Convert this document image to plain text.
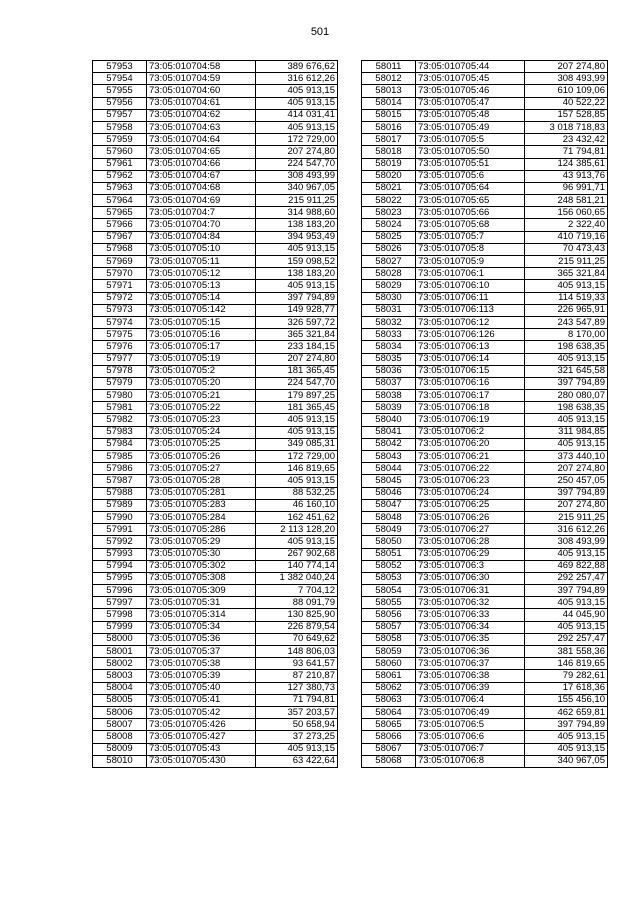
501
57953	73:05:010704:58	389 676,62
57954	73:05:010704:59	316 612,26
57955	73:05:010704:60	405 913,15
57956	73:05:010704:61	405 913,15
57957	73:05:010704:62	414 031,41
57958	73:05:010704:63	405 913,15
57959	73:05:010704:64	172 729,00
57960	73:05:010704:65	207 274,80
57961	73:05:010704:66	224 547,70
57962	73:05:010704:67	308 493,99
57963	73:05:010704:68	340 967,05
57964	73:05:010704:69	215 911,25
57965	73:05:010704:7	314 988,60
57966	73:05:010704:70	138 183,20
57967	73:05:010704:84	394 953,49
57968	73:05:010705:10	405 913,15
57969	73:05:010705:11	159 098,52
57970	73:05:010705:12	138 183,20
57971	73:05:010705:13	405 913,15
57972	73:05:010705:14	397 794,89
57973	73:05:010705:142	149 928,77
57974	73:05:010705:15	326 597,72
57975	73:05:010705:16	365 321,84
57976	73:05:010705:17	233 184,15
57977	73:05:010705:19	207 274,80
57978	73:05:010705:2	181 365,45
57979	73:05:010705:20	224 547,70
57980	73:05:010705:21	179 897,25
57981	73:05:010705:22	181 365,45
57982	73:05:010705:23	405 913,15
57983	73:05:010705:24	405 913,15
57984	73:05:010705:25	349 085,31
57985	73:05:010705:26	172 729,00
57986	73:05:010705:27	146 819,65
57987	73:05:010705:28	405 913,15
57988	73:05:010705:281	88 532,25
57989	73:05:010705:283	46 160,10
57990	73:05:010705:284	162 451,62
57991	73:05:010705:286	2 113 128,20
57992	73:05:010705:29	405 913,15
57993	73:05:010705:30	267 902,68
57994	73:05:010705:302	140 774,14
57995	73:05:010705:308	1 382 040,24
57996	73:05:010705:309	7 704,12
57997	73:05:010705:31	88 091,79
57998	73:05:010705:314	130 825,90
57999	73:05:010705:34	226 879,54
58000	73:05:010705:36	70 649,62
58001	73:05:010705:37	148 806,03
58002	73:05:010705:38	93 641,57
58003	73:05:010705:39	87 210,87
58004	73:05:010705:40	127 380,73
58005	73:05:010705:41	71 794,81
58006	73:05:010705:42	357 203,57
58007	73:05:010705:426	50 658,94
58008	73:05:010705:427	37 273,25
58009	73:05:010705:43	405 913,15
58010	73:05:010705:430	63 422,64
58011	73:05:010705:44	207 274,80
58012	73:05:010705:45	308 493,99
58013	73:05:010705:46	610 109,06
58014	73:05:010705:47	40 522,22
58015	73:05:010705:48	157 528,85
58016	73:05:010705:49	3 018 718,83
58017	73:05:010705:5	23 432,42
58018	73:05:010705:50	71 794,81
58019	73:05:010705:51	124 385,61
58020	73:05:010705:6	43 913,76
58021	73:05:010705:64	96 991,71
58022	73:05:010705:65	248 581,21
58023	73:05:010705:66	156 060,65
58024	73:05:010705:68	2 322,40
58025	73:05:010705:7	410 719,16
58026	73:05:010705:8	70 473,43
58027	73:05:010705:9	215 911,25
58028	73:05:010706:1	365 321,84
58029	73:05:010706:10	405 913,15
58030	73:05:010706:11	114 519,33
58031	73:05:010706:113	226 965,91
58032	73:05:010706:12	243 547,89
58033	73:05:010706:126	8 170,00
58034	73:05:010706:13	198 638,35
58035	73:05:010706:14	405 913,15
58036	73:05:010706:15	321 645,58
58037	73:05:010706:16	397 794,89
58038	73:05:010706:17	280 080,07
58039	73:05:010706:18	198 638,35
58040	73:05:010706:19	405 913,15
58041	73:05:010706:2	311 984,85
58042	73:05:010706:20	405 913,15
58043	73:05:010706:21	373 440,10
58044	73:05:010706:22	207 274,80
58045	73:05:010706:23	250 457,05
58046	73:05:010706:24	397 794,89
58047	73:05:010706:25	207 274,80
58048	73:05:010706:26	215 911,25
58049	73:05:010706:27	316 612,26
58050	73:05:010706:28	308 493,99
58051	73:05:010706:29	405 913,15
58052	73:05:010706:3	469 822,88
58053	73:05:010706:30	292 257,47
58054	73:05:010706:31	397 794,89
58055	73:05:010706:32	405 913,15
58056	73:05:010706:33	44 045,90
58057	73:05:010706:34	405 913,15
58058	73:05:010706:35	292 257,47
58059	73:05:010706:36	381 558,36
58060	73:05:010706:37	146 819,65
58061	73:05:010706:38	79 282,61
58062	73:05:010706:39	17 618,36
58063	73:05:010706:4	155 456,10
58064	73:05:010706:49	462 659,81
58065	73:05:010706:5	397 794,89
58066	73:05:010706:6	405 913,15
58067	73:05:010706:7	405 913,15
58068	73:05:010706:8	340 967,05
